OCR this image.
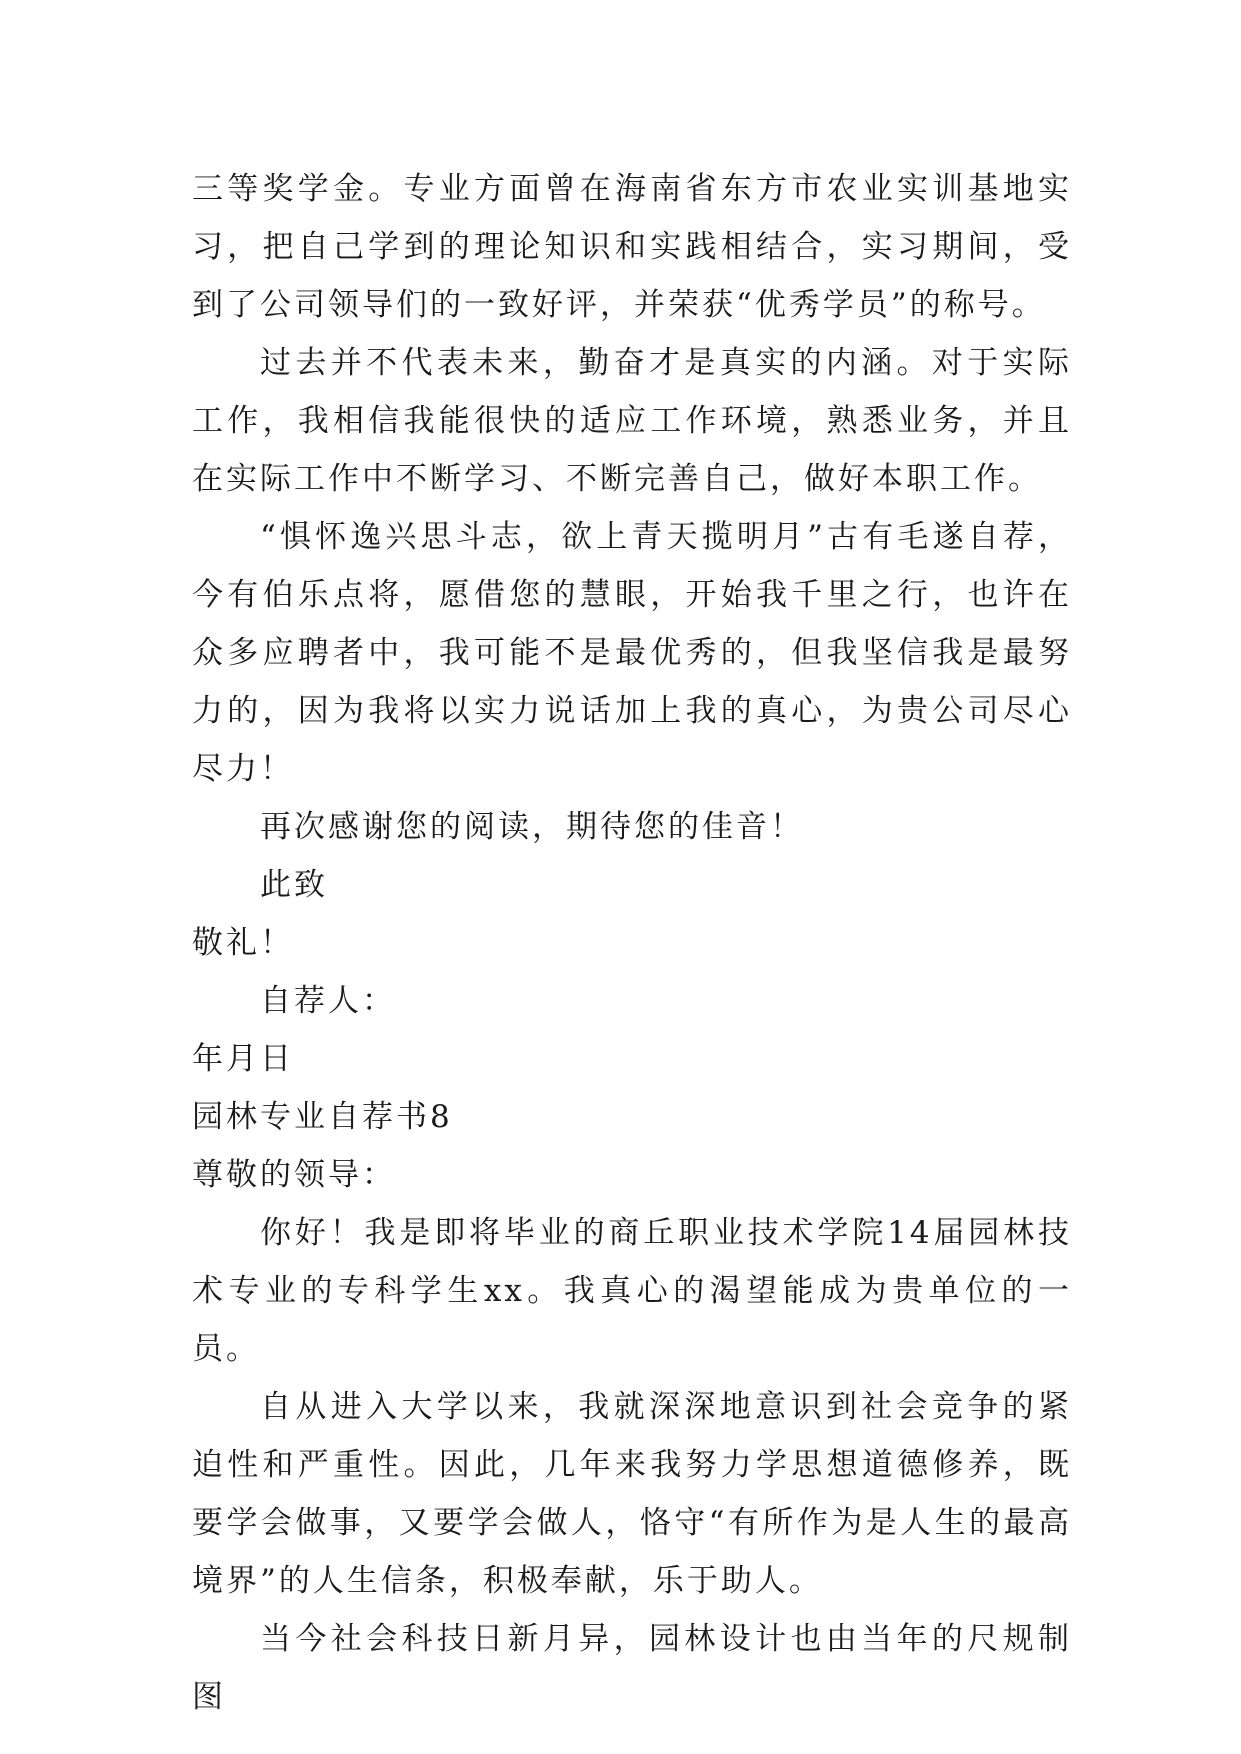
三等奖学金。专业方面曾在海南省东方市农业实训基地实习，把自己学到的理论知识和实践相结合，实习期间，受到了公司领导们的一致好评，并荣获“优秀学员”的称号。

过去并不代表未来，勤奋才是真实的内涵。对于实际工作，我相信我能很快的适应工作环境，熟悉业务，并且在实际工作中不断学习、不断完善自己，做好本职工作。

“惧怀逸兴思斗志，欲上青天揽明月”古有毛遂自荐，今有伯乐点将，愿借您的慧眼，开始我千里之行，也许在众多应聘者中，我可能不是最优秀的，但我坚信我是最努力的，因为我将以实力说话加上我的真心，为贵公司尽心尽力！

再次感谢您的阅读，期待您的佳音！

此致

敬礼！

自荐人：

年月日

园林专业自荐书8

尊敬的领导：

你好！我是即将毕业的商丘职业技术学院14届园林技术专业的专科学生xx。我真心的渴望能成为贵单位的一员。

自从进入大学以来，我就深深地意识到社会竞争的紧迫性和严重性。因此，几年来我努力学思想道德修养，既要学会做事，又要学会做人，恪守“有所作为是人生的最高境界”的人生信条，积极奉献，乐于助人。

当今社会科技日新月异，园林设计也由当年的尺规制图
